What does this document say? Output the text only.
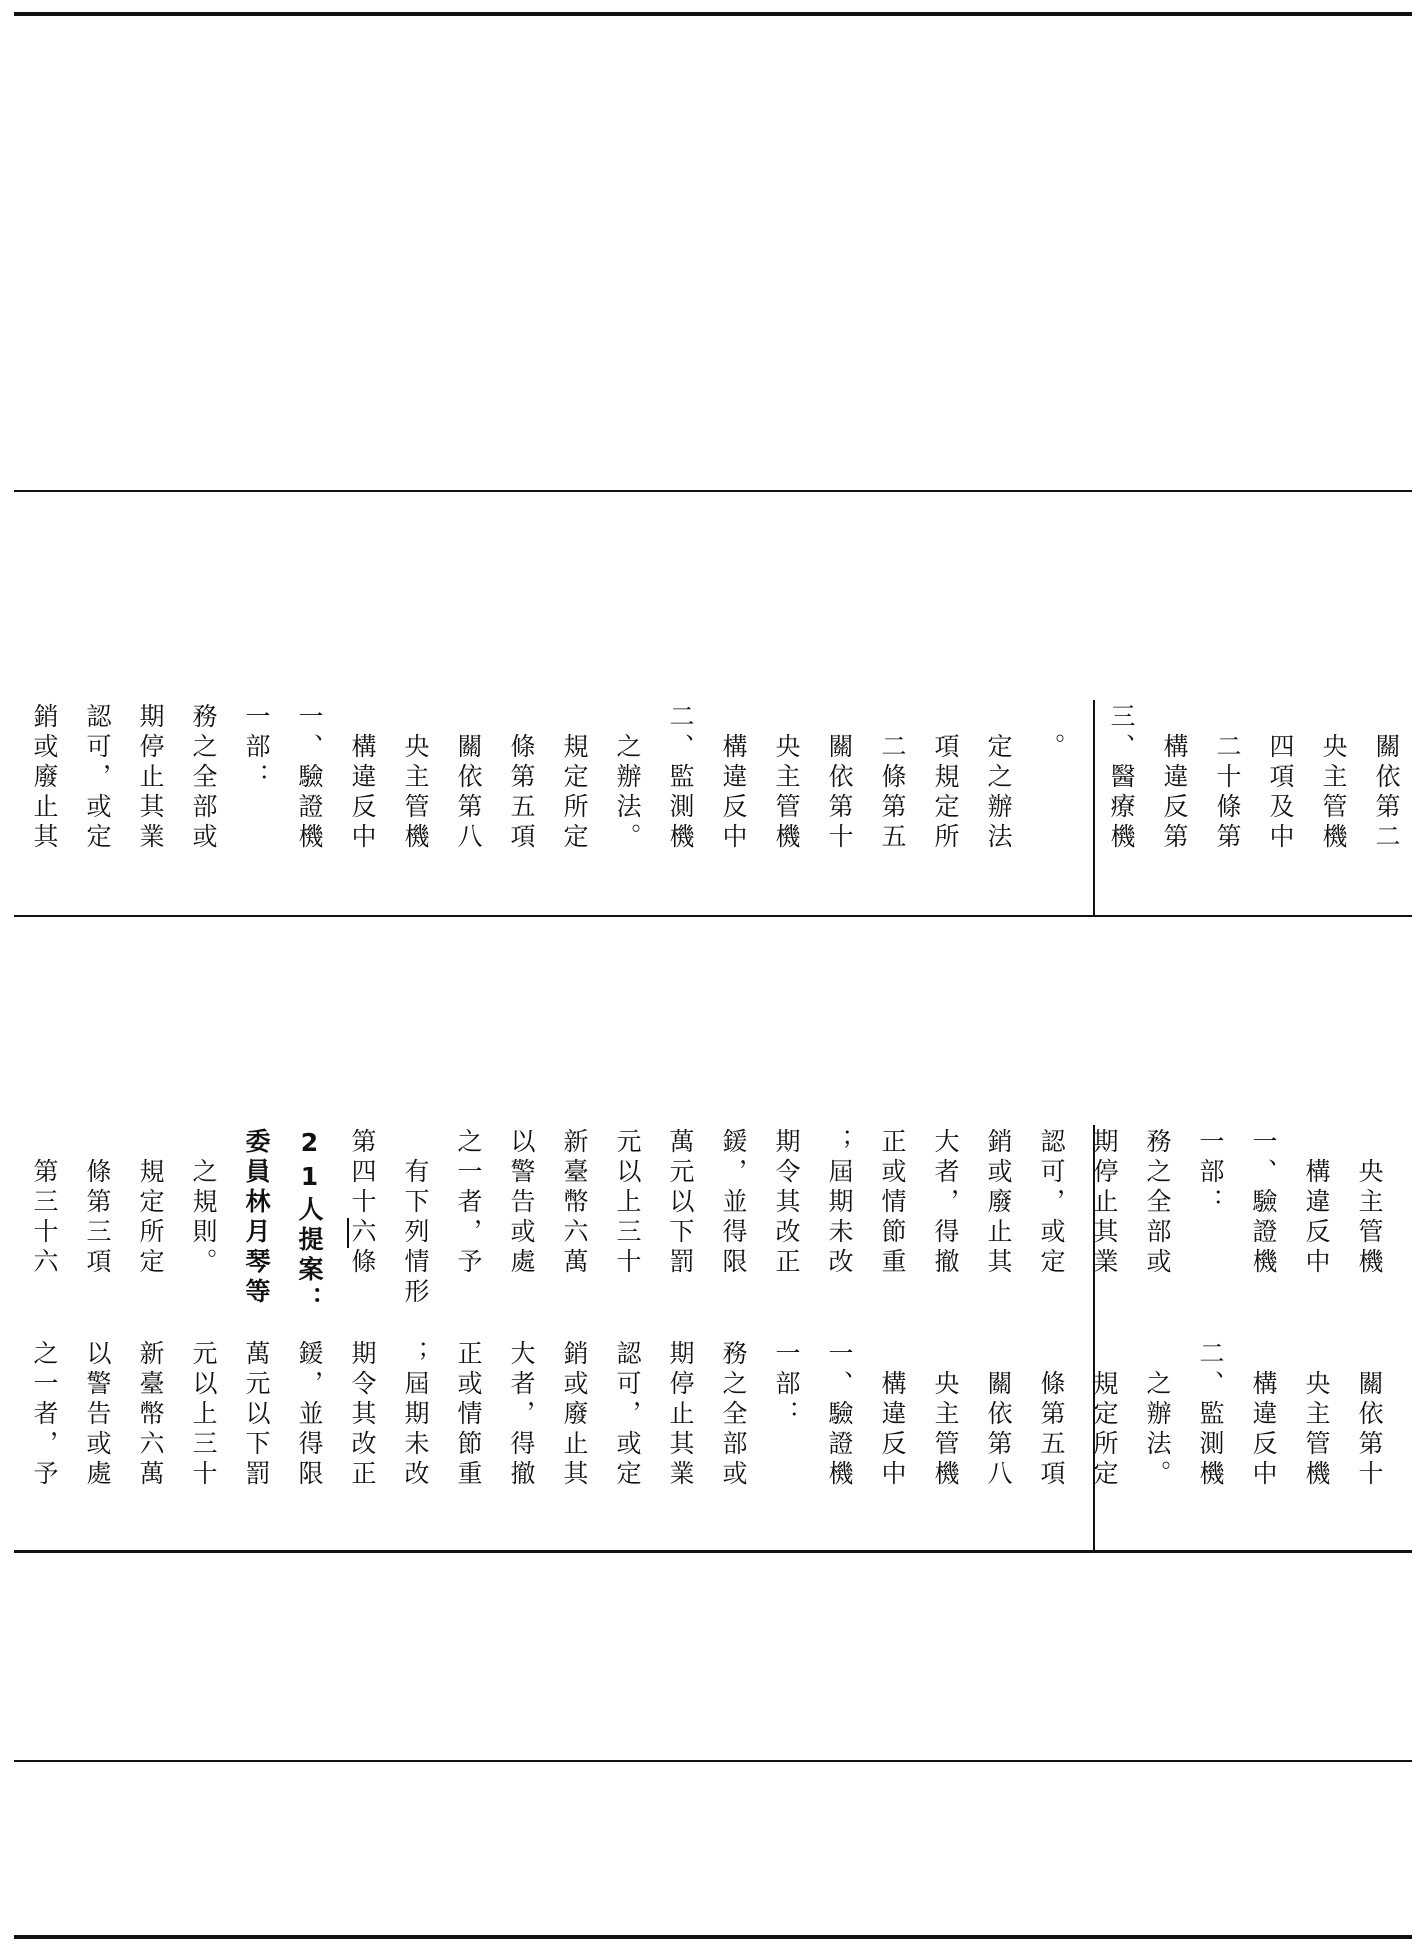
銷或廢止其 認可，或定 期停止其業 務之全部或 一部： 一、驗證機 　構違反中 　央主管機 　關依第八 　條第五項 　規定所定 　之辦法。 二、監測機 　構違反中 　央主管機 　關依第十 　二條第五 　項規定所 　定之辦法 　。 三、醫療機 　構違反第 　二十條第 　四項及中 　央主管機 　關依第二
之一者，予 以警告或處 新臺幣六萬 元以上三十 萬元以下罰 鍰，並得限 期令其改正 ；屆期未改 正或情節重 大者，得撤 銷或廢止其 認可，或定 期停止其業 務之全部或 一部： 一、驗證機 　構違反中 　央主管機 　關依第八 　條第五項 　規定所定 　之辦法。 二、監測機 　構違反中 　央主管機 　關依第十
　第三十六 　條第三項 　規定所定 　之規則。 委員林月琴等 21人提案： 第四十六條 　有下列情形 之一者，予 以警告或處 新臺幣六萬 元以上三十 萬元以下罰 鍰，並得限 期令其改正 ；屆期未改 正或情節重 大者，得撤 銷或廢止其 認可，或定 期停止其業 務之全部或 一部： 一、驗證機 　構違反中 　央主管機
